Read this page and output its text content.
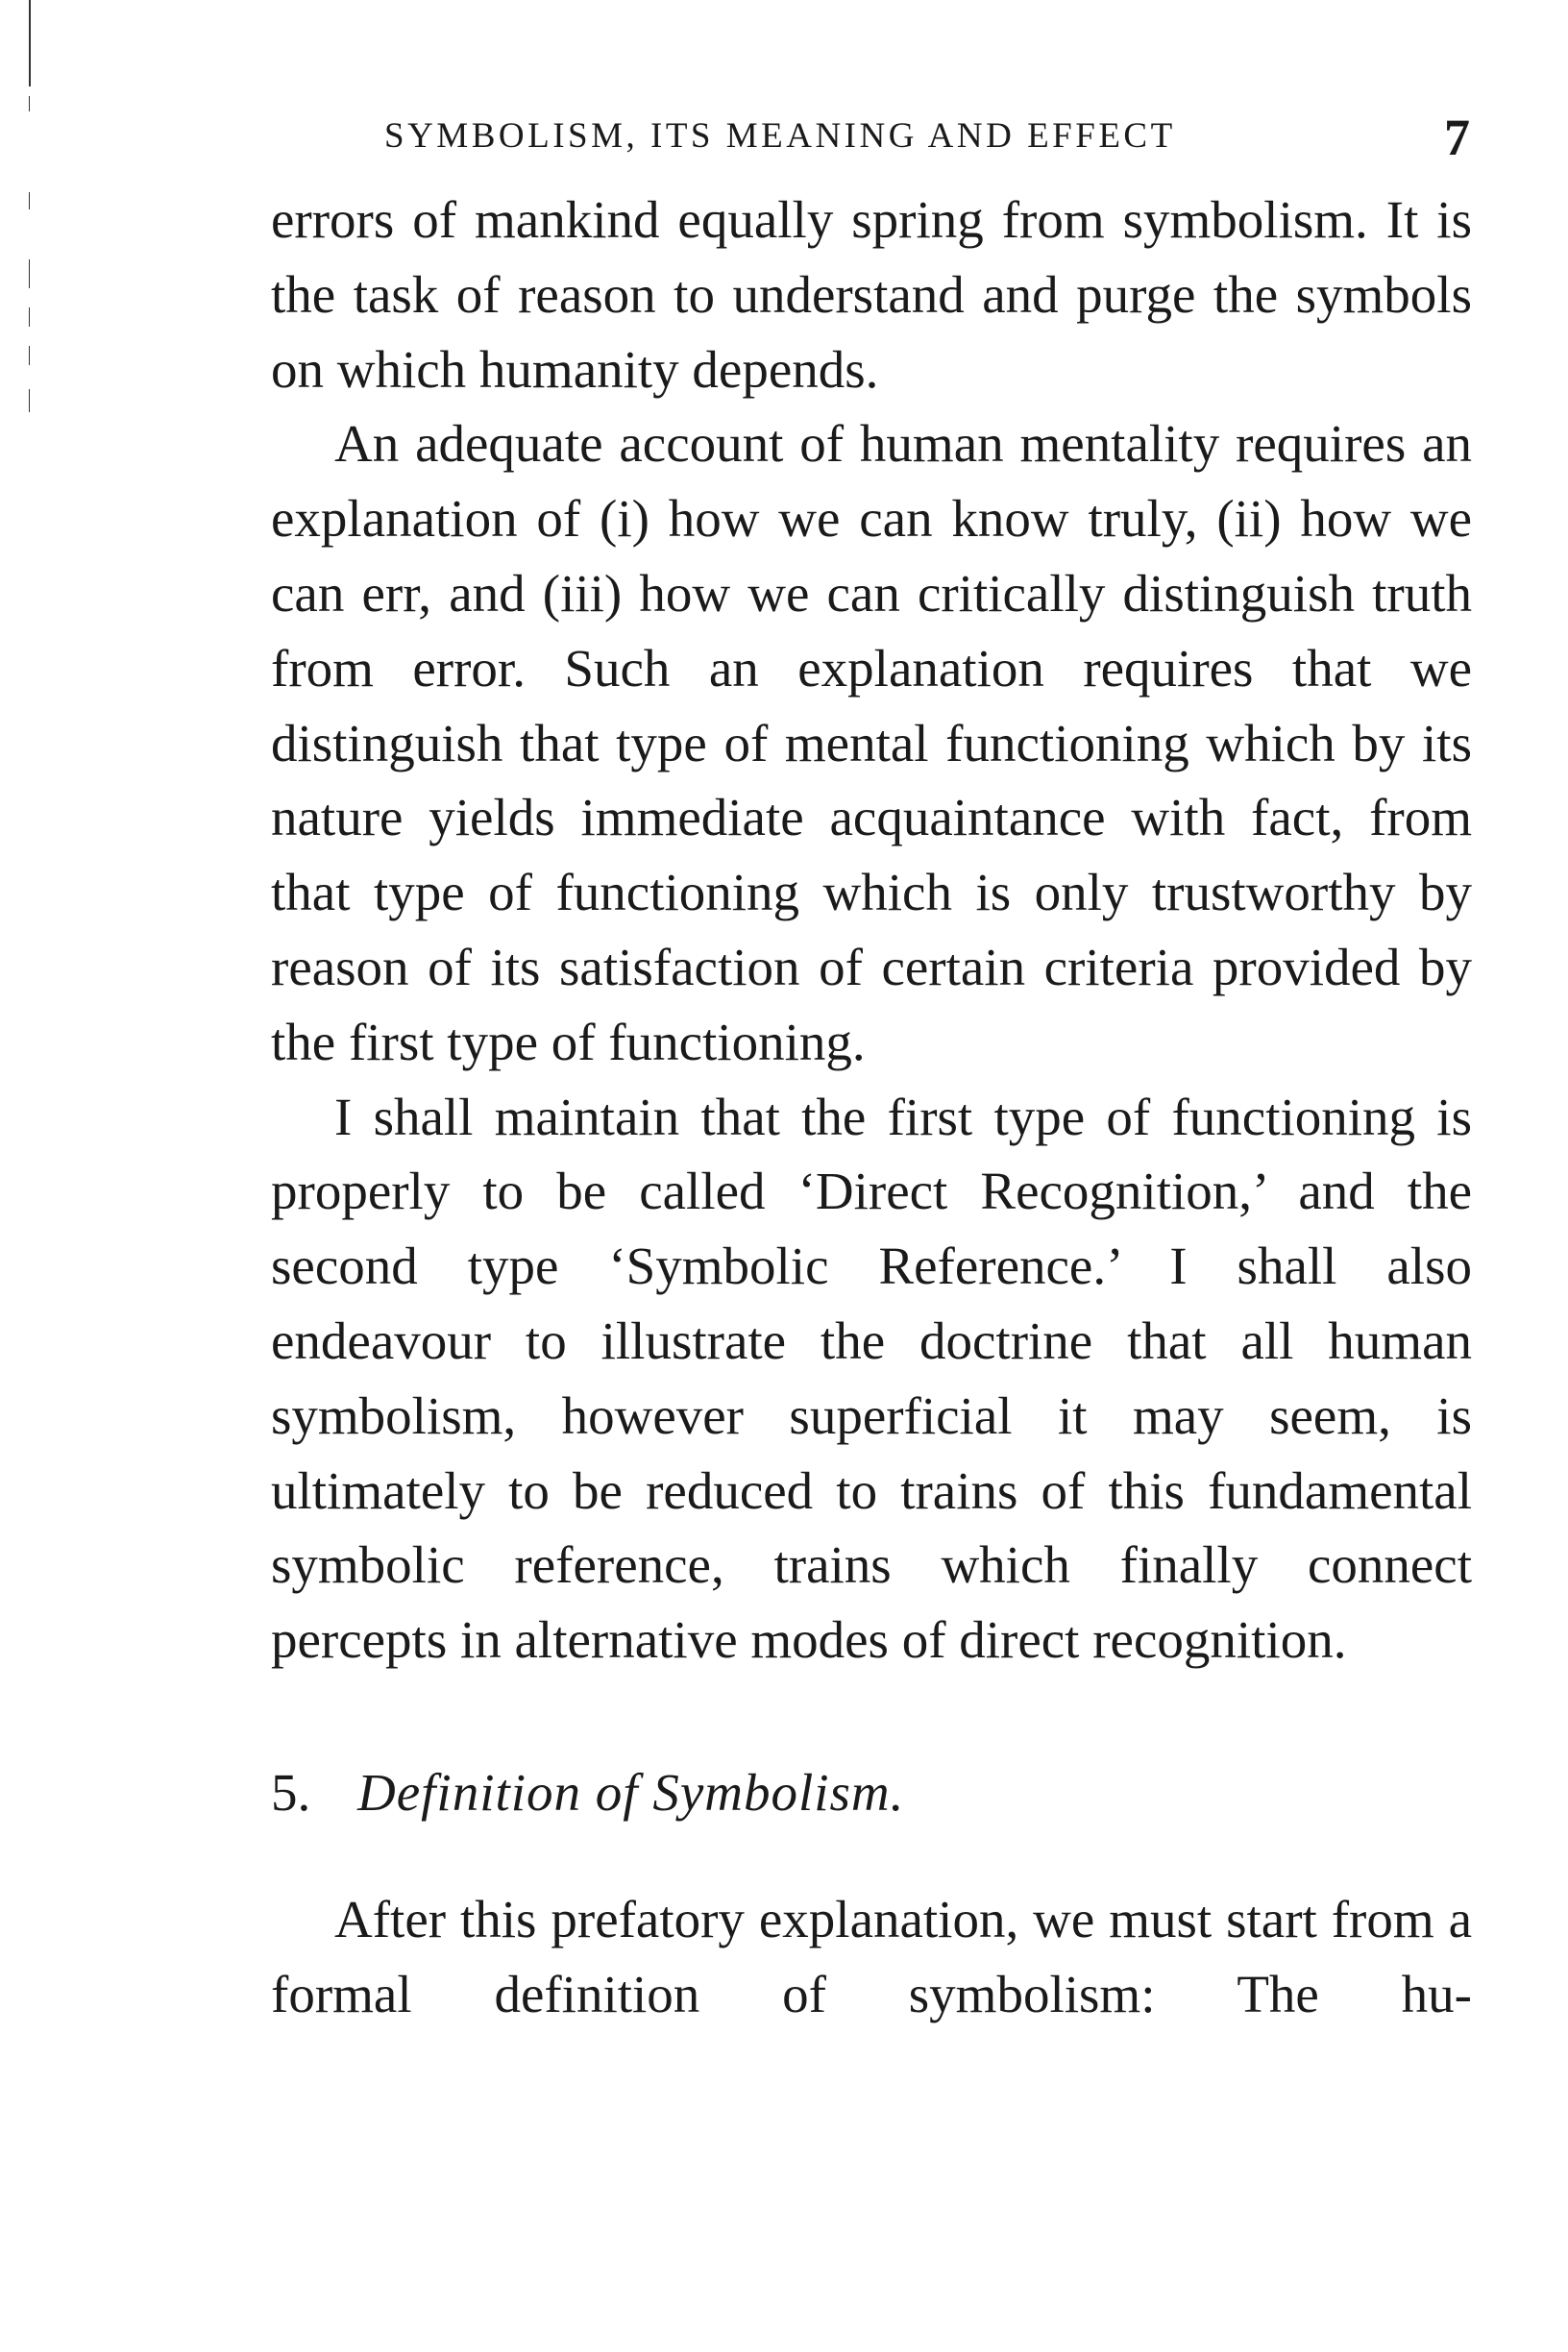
SYMBOLISM, ITS MEANING AND EFFECT	7

errors of mankind equally spring from symbolism. It is the task of reason to understand and purge the symbols on which humanity depends.

An adequate account of human mentality requires an explanation of (i) how we can know truly, (ii) how we can err, and (iii) how we can critically distinguish truth from error. Such an explanation requires that we distinguish that type of mental functioning which by its nature yields immediate acquaintance with fact, from that type of functioning which is only trustworthy by reason of its satisfaction of certain criteria provided by the first type of functioning.

I shall maintain that the first type of functioning is properly to be called ‘Direct Recognition,’ and the second type ‘Symbolic Reference.’ I shall also endeavour to illustrate the doctrine that all human symbolism, however superficial it may seem, is ultimately to be reduced to trains of this fundamental symbolic reference, trains which finally connect percepts in alternative modes of direct recognition.

5. Definition of Symbolism.

After this prefatory explanation, we must start from a formal definition of symbolism: The hu-
